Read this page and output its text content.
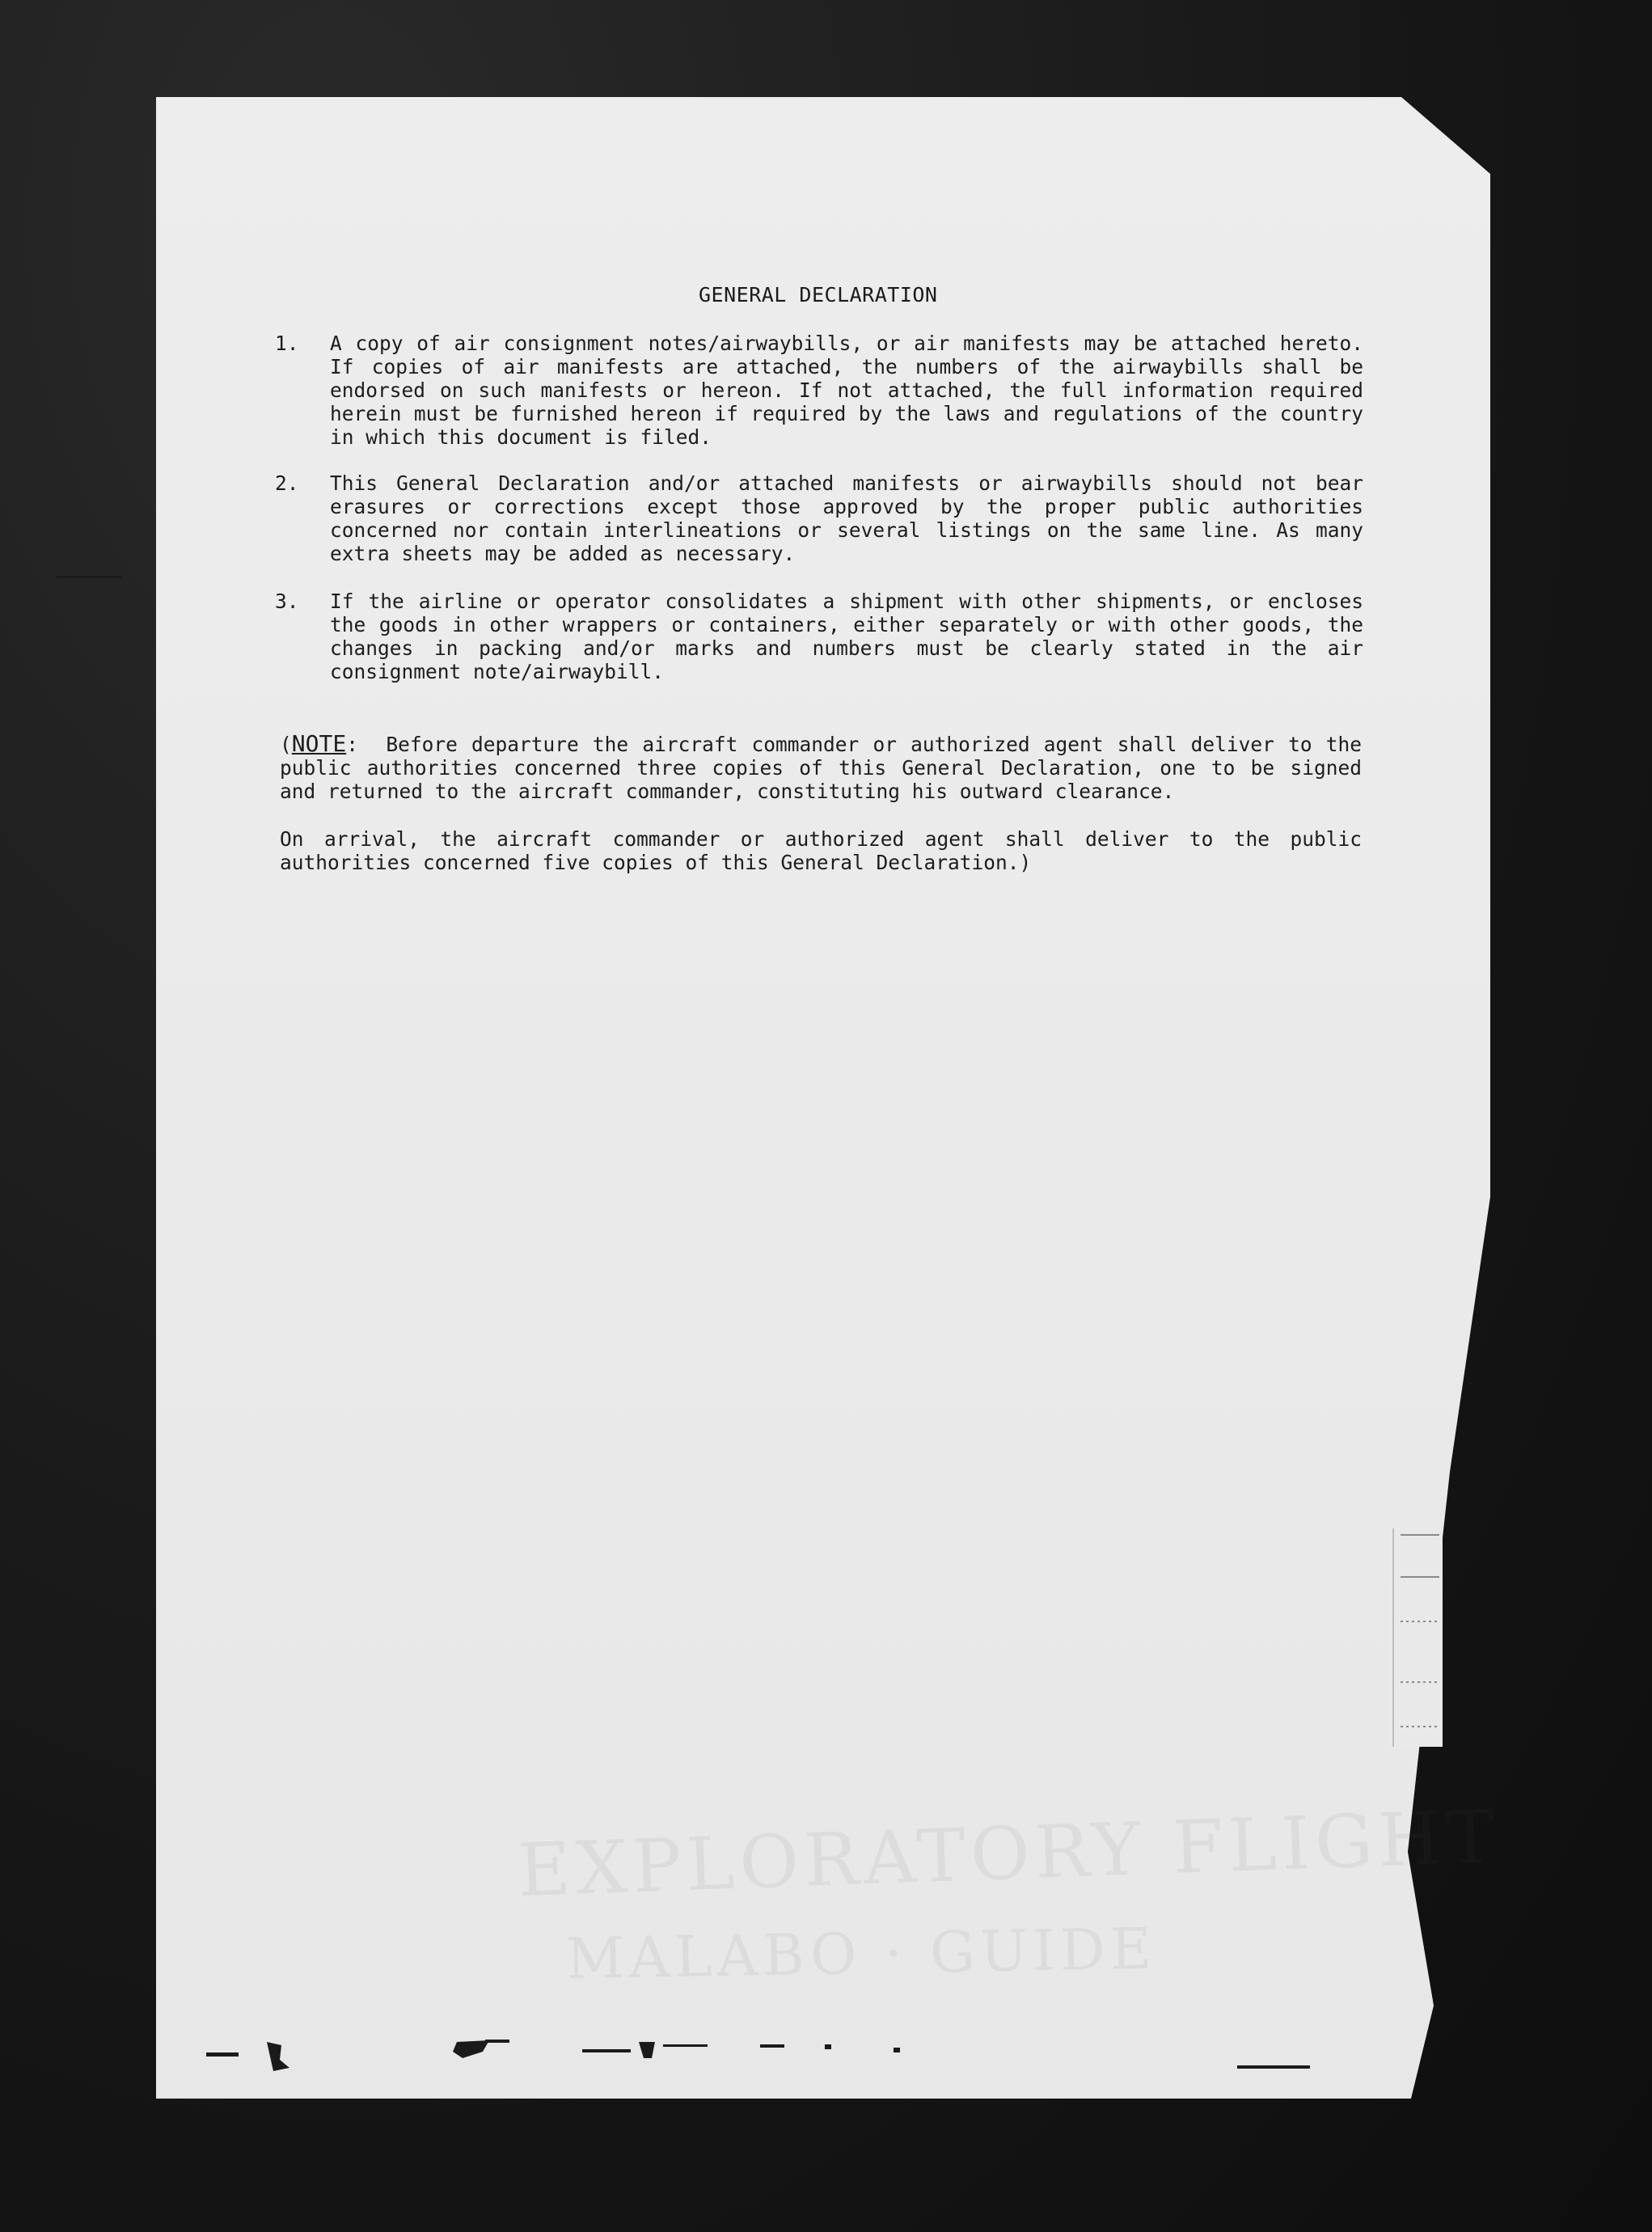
GENERAL DECLARATION
1. A copy of air consignment notes/airwaybills, or air manifests may be attached hereto. If copies of air manifests are attached, the numbers of the airwaybills shall be endorsed on such manifests or hereon. If not attached, the full information required herein must be furnished hereon if required by the laws and regulations of the country in which this document is filed.

2. This General Declaration and/or attached manifests or airwaybills should not bear erasures or corrections except those approved by the proper public authorities concerned nor contain interlineations or several listings on the same line. As many extra sheets may be added as necessary.

3. If the airline or operator consolidates a shipment with other shipments, or encloses the goods in other wrappers or containers, either separately or with other goods, the changes in packing and/or marks and numbers must be clearly stated in the air consignment note/airwaybill.

(NOTE: Before departure the aircraft commander or authorized agent shall deliver to the public authorities concerned three copies of this General Declaration, one to be signed and returned to the aircraft commander, constituting his outward clearance.

On arrival, the aircraft commander or authorized agent shall deliver to the public authorities concerned five copies of this General Declaration.)
